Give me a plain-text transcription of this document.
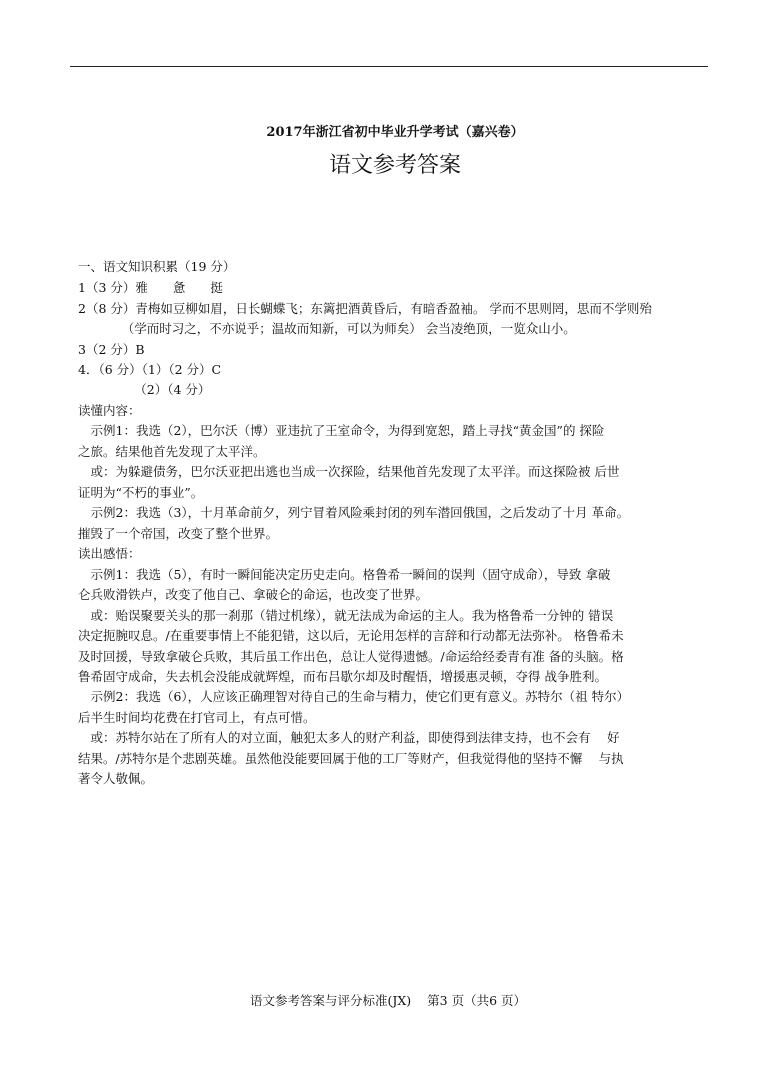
2017年浙江省初中毕业升学考试（嘉兴卷）
语文参考答案
一、语文知识积累（19 分）
1（3 分）雅　　惫　　挺
2（8 分）青梅如豆柳如眉，日长蝴蝶飞；东篱把酒黄昏后，有暗香盈袖。 学而不思则罔，思而不学则殆
　　　　（学而时习之，不亦说乎；温故而知新，可以为师矣） 会当凌绝顶，一览众山小。
3（2 分）B
4．（6 分）（1）（2 分）C
　　　　　（2）（4 分）
读懂内容：
　示例1：我选（2），巴尔沃（博）亚违抗了王室命令，为得到宽恕，踏上寻找“黄金国”的 探险
之旅。结果他首先发现了太平洋。
　或：为躲避债务，巴尔沃亚把出逃也当成一次探险，结果他首先发现了太平洋。而这探险被 后世
证明为“不朽的事业”。
　示例2：我选（3），十月革命前夕，列宁冒着风险乘封闭的列车潜回俄国，之后发动了十月 革命。
摧毁了一个帝国，改变了整个世界。
读出感悟：
　示例1：我选（5），有时一瞬间能决定历史走向。格鲁希一瞬间的误判（固守成命），导致 拿破
仑兵败滑铁卢，改变了他自己、拿破仑的命运，也改变了世界。
　或：贻误聚要关头的那一刹那（错过机缘），就无法成为命运的主人。我为格鲁希一分钟的 错误
决定扼腕叹息。/在重要事情上不能犯错，这以后，无论用怎样的言辞和行动都无法弥补。 格鲁希未
及时回援，导致拿破仑兵败，其后虽工作出色，总让人觉得遗憾。/命运给经委青有准 备的头脑。格
鲁希固守成命，失去机会没能成就辉煌，而布吕歇尔却及时醒悟，增援惠灵顿，夺得 战争胜利。
　示例2：我选（6），人应该正确理智对待自己的生命与精力，使它们更有意义。苏特尔（祖 特尔）
后半生时间均花费在打官司上，有点可惜。
　或：苏特尔站在了所有人的对立面，触犯太多人的财产利益，即使得到法律支持，也不会有　 好
结果。/苏特尔是个悲剧英雄。虽然他没能要回属于他的工厂等财产，但我觉得他的坚持不懈　 与执
著令人敬佩。
语文参考答案与评分标准(JX) 第3 页（共6 页）
